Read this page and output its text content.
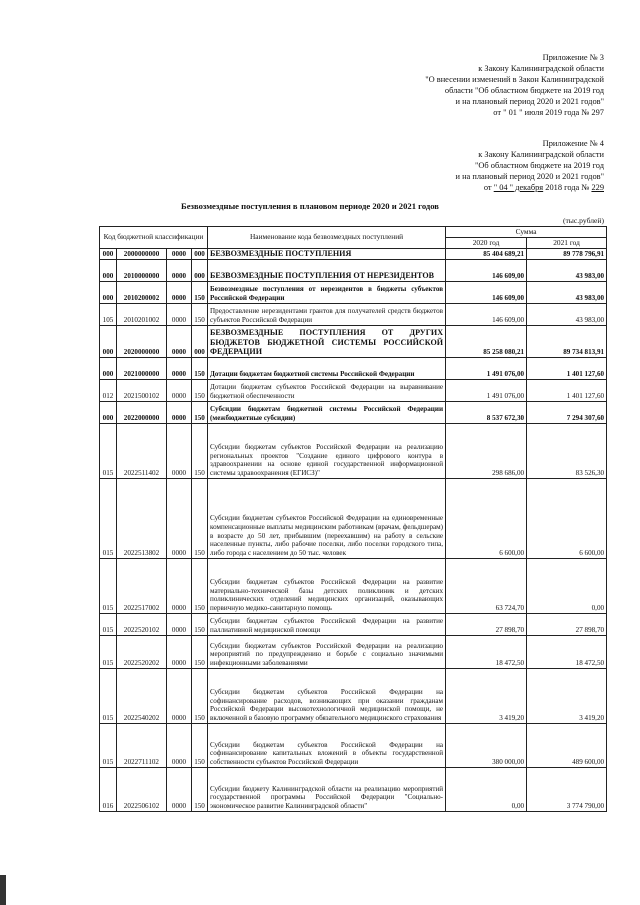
Приложение № 3
к Закону Калининградской области
"О внесении изменений в Закон Калининградской
области "Об областном бюджете на 2019 год
и на плановый период 2020 и 2021 годов"
от " 01 " июля 2019 года № 297
Приложение № 4
к Закону Калининградской области
"Об областном бюджете на 2019 год
и на плановый период 2020 и 2021 годов"
от " 04 " декабря 2018 года № 229
Безвозмездные поступления в плановом периоде 2020 и 2021 годов
(тыс.рублей)
Код бюджетной классификации				Наименование кода безвозмездных поступлений	Сумма	
					2020 год	2021 год
000	2000000000	0000	000	БЕЗВОЗМЕЗДНЫЕ ПОСТУПЛЕНИЯ	85 404 689,21	89 778 796,91
000	2010000000	0000	000	БЕЗВОЗМЕЗДНЫЕ ПОСТУПЛЕНИЯ ОТ НЕРЕЗИДЕНТОВ	146 609,00	43 983,00
000	2010200002	0000	150	Безвозмездные поступления от нерезидентов в бюджеты субъектов Российской Федерации	146 609,00	43 983,00
105	2010201002	0000	150	Предоставление нерезидентами грантов для получателей средств бюджетов субъектов Российской Федерации	146 609,00	43 983,00
000	2020000000	0000	000	БЕЗВОЗМЕЗДНЫЕ ПОСТУПЛЕНИЯ ОТ ДРУГИХ БЮДЖЕТОВ БЮДЖЕТНОЙ СИСТЕМЫ РОССИЙСКОЙ ФЕДЕРАЦИИ	85 258 080,21	89 734 813,91
000	2021000000	0000	150	Дотации бюджетам бюджетной системы Российской Федерации	1 491 076,00	1 401 127,60
012	2021500102	0000	150	Дотации бюджетам субъектов Российской Федерации на выравнивание бюджетной обеспеченности	1 491 076,00	1 401 127,60
000	2022000000	0000	150	Субсидии бюджетам бюджетной системы Российской Федерации (межбюджетные субсидии)	8 537 672,30	7 294 307,60
015	2022511402	0000	150	Субсидии бюджетам субъектов Российской Федерации на реализацию региональных проектов "Создание единого цифрового контура в здравоохранении на основе единой государственной информационной системы здравоохранения (ЕГИСЗ)"	298 686,00	83 526,30
015	2022513802	0000	150	Субсидии бюджетам субъектов Российской Федерации на единовременные компенсационные выплаты медицинским работникам (врачам, фельдшерам) в возрасте до 50 лет, прибывшим (переехавшим) на работу в сельские населенные пункты, либо рабочие поселки, либо поселки городского типа, либо города с населением до 50 тыс. человек	6 600,00	6 600,00
015	2022517002	0000	150	Субсидии бюджетам субъектов Российской Федерации на развитие материально-технической базы детских поликлиник и детских поликлинических отделений медицинских организаций, оказывающих первичную медико-санитарную помощь	63 724,70	0,00
015	2022520102	0000	150	Субсидии бюджетам субъектов Российской Федерации на развитие паллиативной медицинской помощи	27 898,70	27 898,70
015	2022520202	0000	150	Субсидии бюджетам субъектов Российской Федерации на реализацию мероприятий по предупреждению и борьбе с социально значимыми инфекционными заболеваниями	18 472,50	18 472,50
015	2022540202	0000	150	Субсидии бюджетам субъектов Российской Федерации на софинансирование расходов, возникающих при оказании гражданам Российской Федерации высокотехнологичной медицинской помощи, не включенной в базовую программу обязательного медицинского страхования	3 419,20	3 419,20
015	2022711102	0000	150	Субсидии бюджетам субъектов Российской Федерации на софинансирование капитальных вложений в объекты государственной собственности субъектов Российской Федерации	380 000,00	489 600,00
016	2022506102	0000	150	Субсидии бюджету Калининградской области на реализацию мероприятий государственной программы Российской Федерации "Социально-экономическое развитие Калининградской области"	0,00	3 774 790,00
